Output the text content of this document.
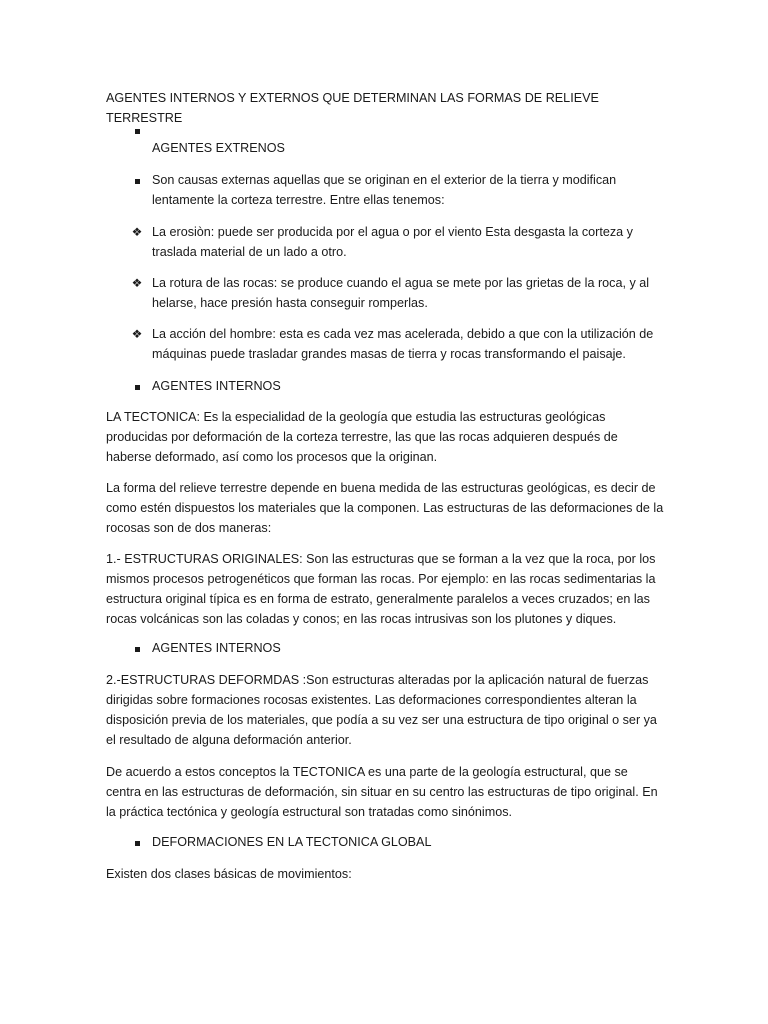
AGENTES INTERNOS Y EXTERNOS QUE DETERMINAN LAS FORMAS DE RELIEVE TERRESTRE

AGENTES EXTRENOS

Son causas externas aquellas que se originan en el exterior de la tierra y modifican lentamente la corteza terrestre. Entre ellas tenemos:
❖ La erosiòn: puede ser producida por el agua o por el viento Esta desgasta la corteza y traslada material de un lado a otro.
❖ La rotura de las rocas: se produce cuando el agua se mete por las grietas de la roca, y al helarse, hace presión hasta conseguir romperlas.
❖ La acción del hombre: esta es cada vez mas acelerada, debido a que con la utilización de máquinas puede trasladar grandes masas de tierra y rocas transformando el paisaje.
AGENTES INTERNOS

LA TECTONICA: Es la especialidad de la geología que estudia las estructuras geológicas producidas por deformación de la corteza terrestre, las que las rocas adquieren después de haberse deformado, así como los procesos que la originan.

La forma del relieve terrestre depende en buena medida de las estructuras geológicas, es decir de como estén dispuestos los materiales que la componen. Las estructuras de las deformaciones de la rocosas son de dos maneras:

1.- ESTRUCTURAS ORIGINALES: Son las estructuras que se forman a la vez que la roca, por los mismos procesos petrogenéticos que forman las rocas. Por ejemplo: en las rocas sedimentarias la estructura original típica es en forma de estrato, generalmente paralelos a veces cruzados; en las rocas volcánicas son las coladas y conos; en las rocas intrusivas son los plutones y diques.

AGENTES INTERNOS

2.-ESTRUCTURAS DEFORMDAS :Son estructuras alteradas por la aplicación natural de fuerzas dirigidas sobre formaciones rocosas existentes. Las deformaciones correspondientes alteran la disposición previa de los materiales, que podía a su vez ser una estructura de tipo original o ser ya el resultado de alguna deformación anterior.

De acuerdo a estos conceptos la TECTONICA es una parte de la geología estructural, que se centra en las estructuras de deformación, sin situar en su centro las estructuras de tipo original. En la práctica tectónica y geología estructural son tratadas como sinónimos.

DEFORMACIONES EN LA TECTONICA GLOBAL

Existen dos clases básicas de movimientos:
